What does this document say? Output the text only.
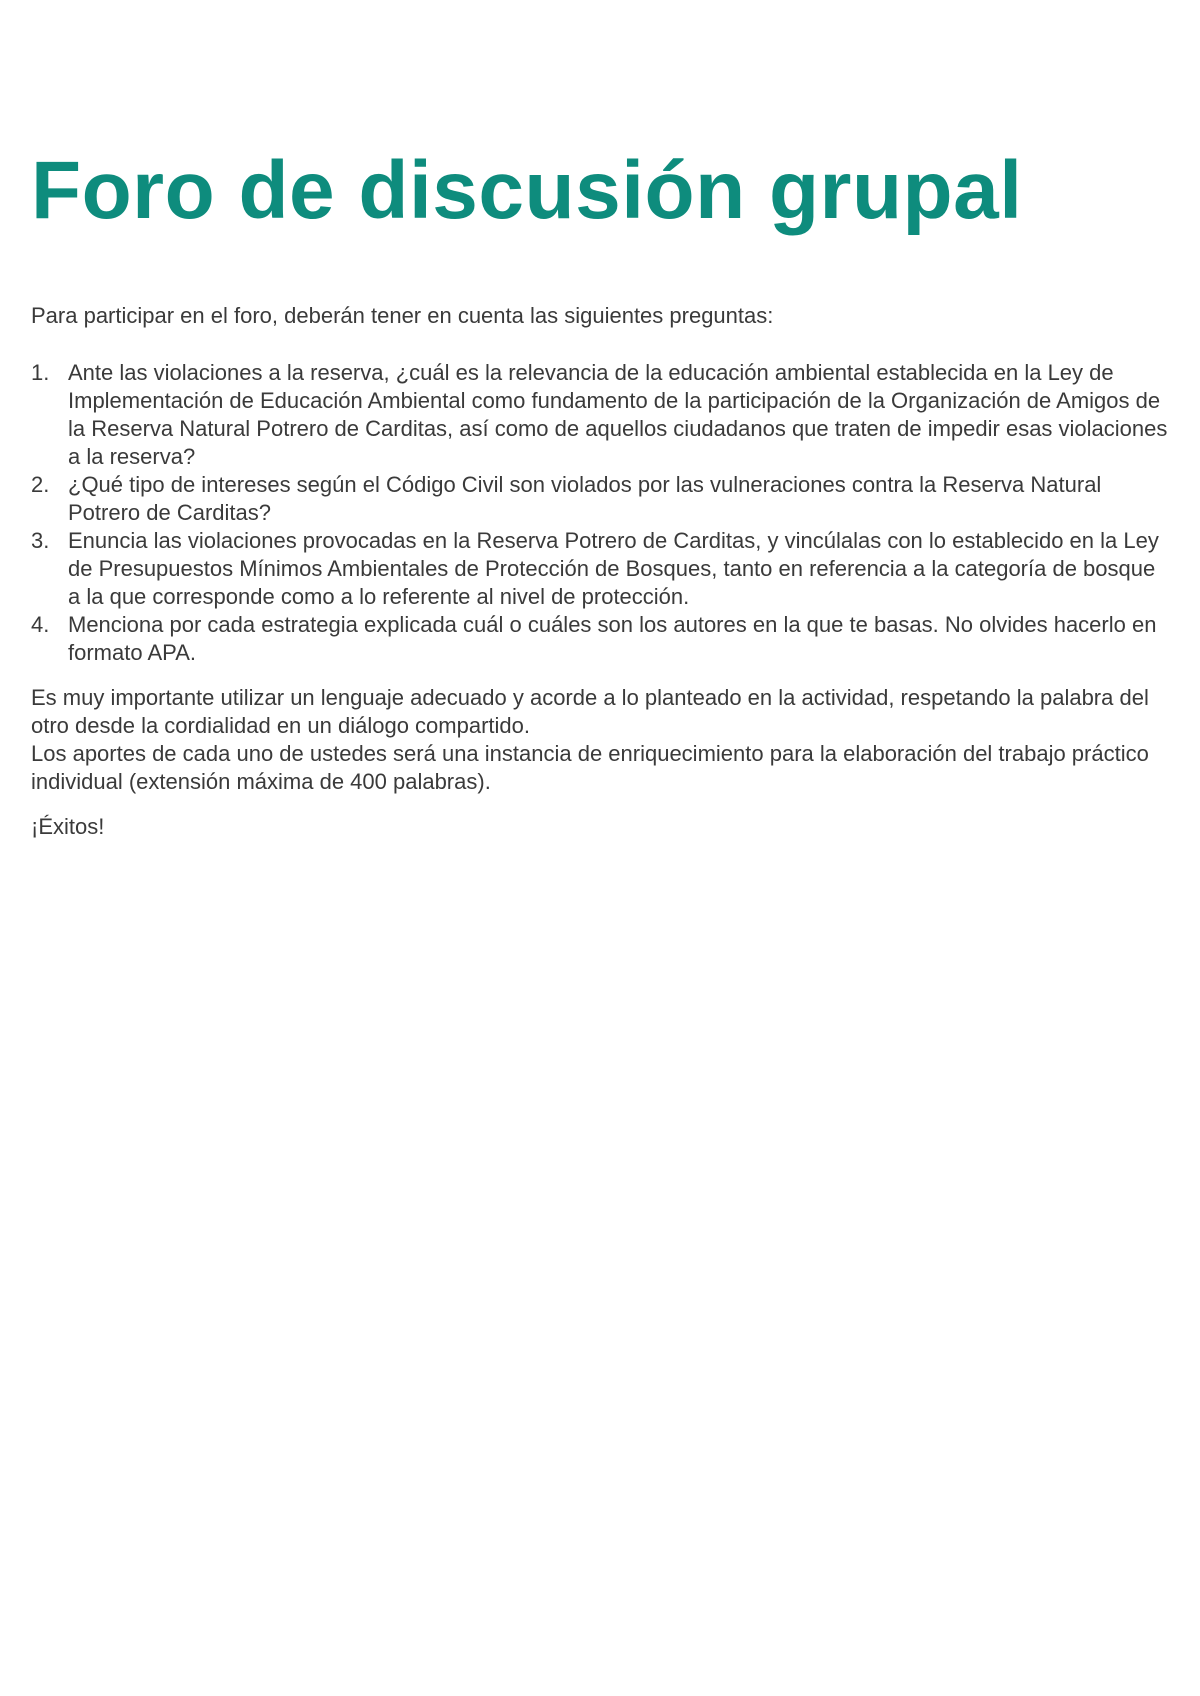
Foro de discusión grupal

Para participar en el foro, deberán tener en cuenta las siguientes preguntas:

1. Ante las violaciones a la reserva, ¿cuál es la relevancia de la educación ambiental establecida en la Ley de Implementación de Educación Ambiental como fundamento de la participación de la Organización de Amigos de la Reserva Natural Potrero de Carditas, así como de aquellos ciudadanos que traten de impedir esas violaciones a la reserva?
2. ¿Qué tipo de intereses según el Código Civil son violados por las vulneraciones contra la Reserva Natural Potrero de Carditas?
3. Enuncia las violaciones provocadas en la Reserva Potrero de Carditas, y vincúlalas con lo establecido en la Ley de Presupuestos Mínimos Ambientales de Protección de Bosques, tanto en referencia a la categoría de bosque a la que corresponde como a lo referente al nivel de protección.
4. Menciona por cada estrategia explicada cuál o cuáles son los autores en la que te basas. No olvides hacerlo en formato APA.

Es muy importante utilizar un lenguaje adecuado y acorde a lo planteado en la actividad, respetando la palabra del otro desde la cordialidad en un diálogo compartido.

Los aportes de cada uno de ustedes será una instancia de enriquecimiento para la elaboración del trabajo práctico individual (extensión máxima de 400 palabras).

¡Éxitos!
